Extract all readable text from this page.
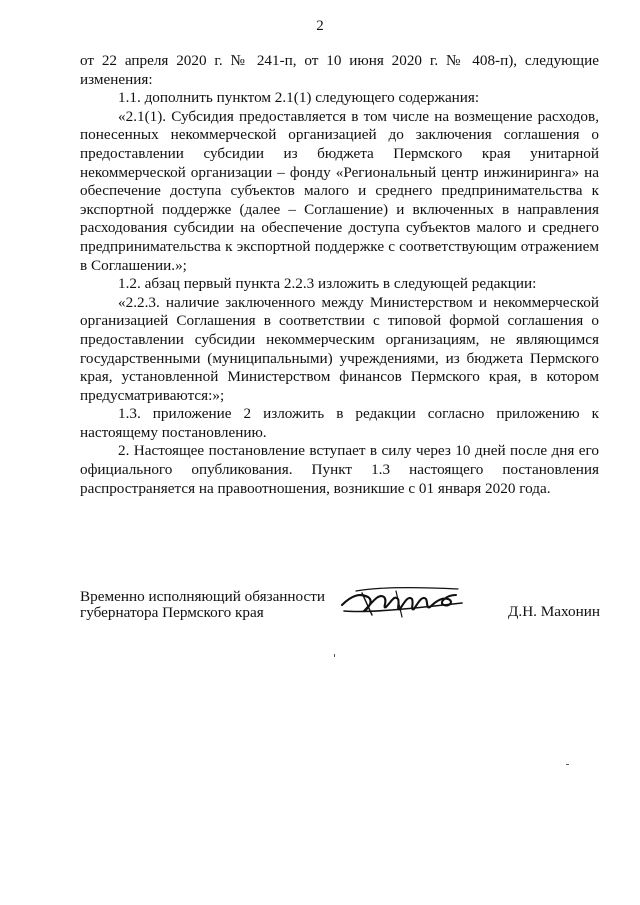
2

от 22 апреля 2020 г. № 241-п, от 10 июня 2020 г. № 408-п), следующие изменения:

1.1. дополнить пунктом 2.1(1) следующего содержания:

«2.1(1). Субсидия предоставляется в том числе на возмещение расходов, понесенных некоммерческой организацией до заключения соглашения о предоставлении субсидии из бюджета Пермского края унитарной некоммерческой организации – фонду «Региональный центр инжиниринга» на обеспечение доступа субъектов малого и среднего предпринимательства к экспортной поддержке (далее – Соглашение) и включенных в направления расходования субсидии на обеспечение доступа субъектов малого и среднего предпринимательства к экспортной поддержке с соответствующим отражением в Соглашении.»;

1.2. абзац первый пункта 2.2.3 изложить в следующей редакции:

«2.2.3. наличие заключенного между Министерством и некоммерческой организацией Соглашения в соответствии с типовой формой соглашения о предоставлении субсидии некоммерческим организациям, не являющимся государственными (муниципальными) учреждениями, из бюджета Пермского края, установленной Министерством финансов Пермского края, в котором предусматриваются:»;

1.3. приложение 2 изложить в редакции согласно приложению к настоящему постановлению.

2. Настоящее постановление вступает в силу через 10 дней после дня его официального опубликования. Пункт 1.3 настоящего постановления распространяется на правоотношения, возникшие с 01 января 2020 года.

Временно исполняющий обязанности
губернатора Пермского края	Д.Н. Махонин
